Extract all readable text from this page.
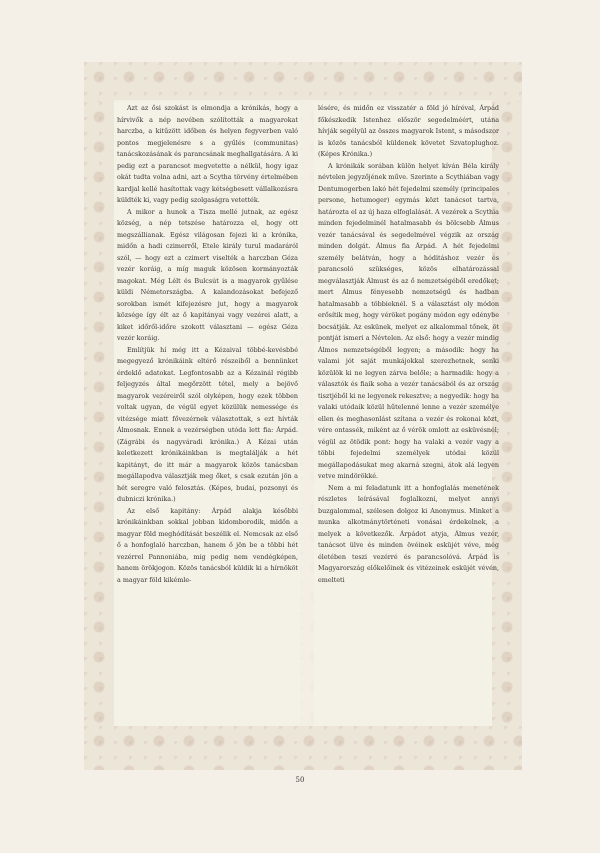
Azt az ősi szokást is elmondja a krónikás, hogy a hírvivők a nép nevében szólították a magyarokat harczba, a kitűzött időben és helyen fegyverben való pontos megjelenésre s a gyűlés (communitas) tanácskozásának és parancsának meghallgatására. A ki pedig ezt a parancsot megvetette a nélkül, hogy igaz okát tudta volna adni, azt a Scytha törvény értelmében kardjal kellé hasítottak vagy kétségbesett vállalkozásra küldték ki, vagy pedig szolgaságra vetették.

A mikor a hunok a Tisza mellé jutnak, az egész község, a nép tetszése határozza el, hogy ott megszállianak. Egész világosan fejezi ki a krónika, midőn a hadi czimerről, Etele király turul madaráról szól, — hogy ezt a czimert viselték a harczban Géza vezér koráig, a míg maguk közösen kormányozták magokat. Még Lélt és Bulcsút is a magyarok gyűlése küldi Németországba. A kalandozásokat befejező sorokban ismét kifejezésre jut, hogy a magyarok községe így élt az ő kapitányai vagy vezérei alatt, a kiket időről-időre szokott választani — egész Géza vezér koráig.

Említjük hí még itt a Kézaival többé-kevésbbé megegyező krónikáink eltérő részeiből a bennünket érdeklő adatokat. Legfontosabb az a Kézainál régibb feljegyzés által megőrzött tétel, mely a bejövő magyarok vezéreiről szól olyképen, hogy ezek többen voltak ugyan, de végül egyet közülük nemessége és vitézsége miatt fővezérnek választottak, s ezt hívták Álmosnak. Ennek a vezérségben utóda lett fia: Árpád. (Zágrábi és nagyváradi krónika.) A Kézai után keletkezett krónikáinkban is megtalálják a hét kapitányt, de itt már a magyarok közös tanácsban megállapodva választják meg őket, s csak ezután jön a hét seregre való felosztás. (Képes, budai, pozsonyi és dubniczi krónika.)

Az első kapitány: Árpád alakja későbbi krónikáinkban sokkal jobban kidomborodik, midőn a magyar föld meghódítását beszélik el. Nemcsak az első ő a honfoglaló harczban, hanem ő jön be a többi hét vezérrel Pannoniába, mig pedig nem vendégképen, hanem örökjogon. Közös tanácsból küldik ki a hírnököt a magyar föld kikémle-

lésére, és midőn ez visszatér a föld jó híréval, Árpád főkészkedik Istenhez először segedelméért, utána hívják segélyül az összes magyarok Istent, s másodszor is közös tanácsból küldenek követet Szvatoplughoz. (Képes Krónika.)

A krónikák sorában külön helyet kíván Béla király névtelen jegyzőjének műve. Szerinte a Scythiában vagy Dentumogerben lakó hét fejedelmi személy (principales persone, hetumoger) egymás közt tanácsot tartva, határozta el az új haza elfoglalását. A vezérek a Scythia minden fejedelminél hatalmasabb és bölcsebb Álmus vezér tanácsával és segedelmével végzik az ország minden dolgát. Álmus fia Árpád. A hét fejedelmi személy belátván, hogy a hóditáshoz vezér és parancsoló szükséges, közös elhatározással megválasztják Álmust és az ő nemzetségéből eredőket; mert Álmus fényesebb nemzetségű és hadban hatalmasabb a többieknél. S a választást oly módon erősítik meg, hogy véröket pogány módon egy edénybe bocsátják. Az eskünek, melyet ez alkalommal tőnek, öt pontját ismeri a Névtelen. Az első: hogy a vezér mindig Álmos nemzetségéből legyen; a második: hogy ha valami jót saját munkájokkal szerezhetnek, senki közülök ki ne legyen zárva belőle; a harmadik: hogy a választók és fiaik soha a vezér tanácsából és az ország tisztjéből ki ne legyenek rekesztve; a negyedik: hogy ha valaki utódaik közül hűtelenné lenne a vezér személye ellen és meghasonlást szítana a vezér és rokonai közt, vére ontassék, miként az ő vérök omlott az esküvésnél; végül az ötödik pont: hogy ha valaki a vezér vagy a többi fejedelmi személyek utódai közül megállapodásukat meg akarná szegni, átok alá legyen vetve mindörökké.

Nem a mi feladatunk itt a honfoglalás menetének részletes leírásával foglalkozni, melyet annyi buzgalommal, szélesen dolgoz ki Anonymus. Minket a munka alkotmánytörténeti vonásai érdekelnek, a melyek a következők. Árpádot atyja, Álmus vezér, tanácsot ülve és minden övéinek esküjét véve, még életében teszi vezérré és parancsolóvá. Árpád is Magyarország előkelőinek és vitézeinek esküjét vévén, emelteti

50
